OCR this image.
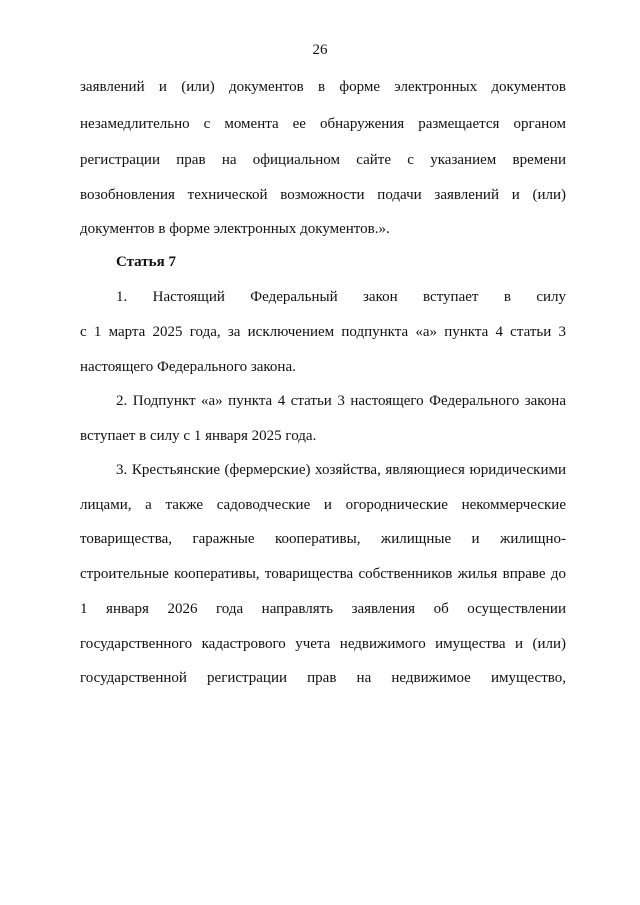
26
заявлений и (или) документов в форме электронных документов
незамедлительно с момента ее обнаружения размещается органом
регистрации прав на официальном сайте с указанием времени
возобновления технической возможности подачи заявлений и (или)
документов в форме электронных документов.».
Статья 7
1. Настоящий Федеральный закон вступает в силу
с 1 марта 2025 года, за исключением подпункта «а» пункта 4 статьи 3
настоящего Федерального закона.
2. Подпункт «а» пункта 4 статьи 3 настоящего Федерального закона
вступает в силу с 1 января 2025 года.
3. Крестьянские (фермерские) хозяйства, являющиеся юридическими
лицами, а также садоводческие и огороднические некоммерческие
товарищества, гаражные кооперативы, жилищные и жилищно-
строительные кооперативы, товарищества собственников жилья вправе до
1 января 2026 года направлять заявления об осуществлении
государственного кадастрового учета недвижимого имущества и (или)
государственной регистрации прав на недвижимое имущество,
